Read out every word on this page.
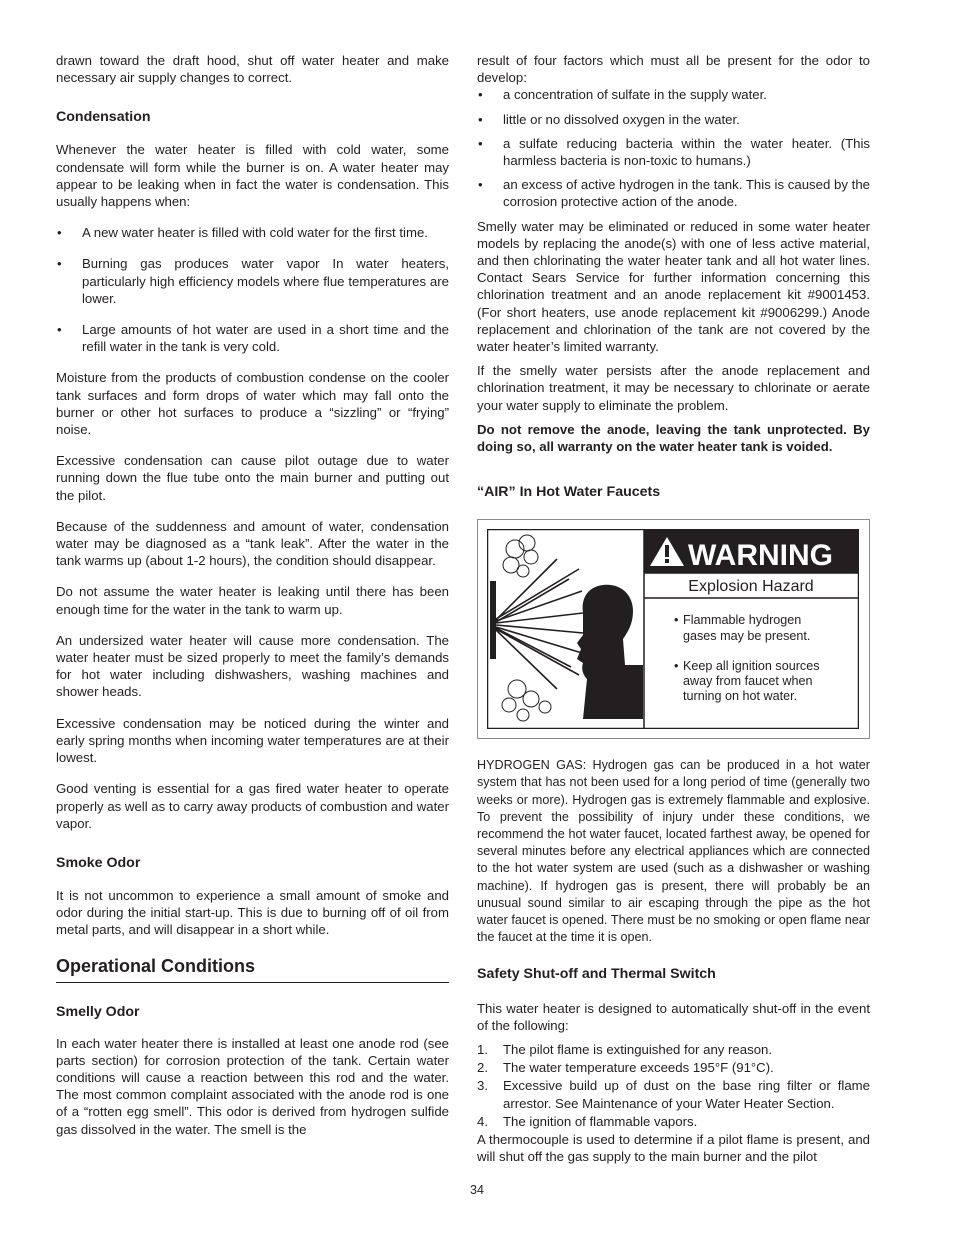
drawn toward the draft hood, shut off water heater and make necessary air supply changes to correct.

Condensation

Whenever the water heater is filled with cold water, some condensate will form while the burner is on. A water heater may appear to be leaking when in fact the water is condensation. This usually happens when:

• A new water heater is filled with cold water for the first time.
• Burning gas produces water vapor In water heaters, particularly high efficiency models where flue temperatures are lower.
• Large amounts of hot water are used in a short time and the refill water in the tank is very cold.

Moisture from the products of combustion condense on the cooler tank surfaces and form drops of water which may fall onto the burner or other hot surfaces to produce a “sizzling” or “frying” noise.

Excessive condensation can cause pilot outage due to water running down the flue tube onto the main burner and putting out the pilot.

Because of the suddenness and amount of water, condensation water may be diagnosed as a “tank leak”. After the water in the tank warms up (about 1-2 hours), the condition should disappear.

Do not assume the water heater is leaking until there has been enough time for the water in the tank to warm up.

An undersized water heater will cause more condensation. The water heater must be sized properly to meet the family’s demands for hot water including dishwashers, washing machines and shower heads.

Excessive condensation may be noticed during the winter and early spring months when incoming water temperatures are at their lowest.

Good venting is essential for a gas fired water heater to operate properly as well as to carry away products of combustion and water vapor.

Smoke Odor

It is not uncommon to experience a small amount of smoke and odor during the initial start-up. This is due to burning off of oil from metal parts, and will disappear in a short while.

Operational Conditions
Smelly Odor

In each water heater there is installed at least one anode rod (see parts section) for corrosion protection of the tank. Certain water conditions will cause a reaction between this rod and the water. The most common complaint associated with the anode rod is one of a “rotten egg smell”. This odor is derived from hydrogen sulfide gas dissolved in the water. The smell is the

result of four factors which must all be present for the odor to develop:

• a concentration of sulfate in the supply water.
• little or no dissolved oxygen in the water.
• a sulfate reducing bacteria within the water heater. (This harmless bacteria is non-toxic to humans.)
• an excess of active hydrogen in the tank. This is caused by the corrosion protective action of the anode.

Smelly water may be eliminated or reduced in some water heater models by replacing the anode(s) with one of less active material, and then chlorinating the water heater tank and all hot water lines. Contact Sears Service for further information concerning this chlorination treatment and an anode replacement kit #9001453. (For short heaters, use anode replacement kit #9006299.) Anode replacement and chlorination of the tank are not covered by the water heater’s limited warranty.

If the smelly water persists after the anode replacement and chlorination treatment, it may be necessary to chlorinate or aerate your water supply to eliminate the problem.

Do not remove the anode, leaving the tank unprotected. By doing so, all warranty on the water heater tank is voided.

“AIR” In Hot Water Faucets
WARNING
Explosion Hazard
• Flammable hydrogen
gases may be present.
• Keep all ignition sources
away from faucet when
turning on hot water.

HYDROGEN GAS: Hydrogen gas can be produced in a hot water system that has not been used for a long period of time (generally two weeks or more). Hydrogen gas is extremely flammable and explosive. To prevent the possibility of injury under these conditions, we recommend the hot water faucet, located farthest away, be opened for several minutes before any electrical appliances which are connected to the hot water system are used (such as a dishwasher or washing machine). If hydrogen gas is present, there will probably be an unusual sound similar to air escaping through the pipe as the hot water faucet is opened. There must be no smoking or open flame near the faucet at the time it is open.

Safety Shut-off and Thermal Switch

This water heater is designed to automatically shut-off in the event of the following:

1. The pilot flame is extinguished for any reason.
2. The water temperature exceeds 195°F (91°C).
3. Excessive build up of dust on the base ring filter or flame arrestor. See Maintenance of your Water Heater Section.
4. The ignition of flammable vapors.

A thermocouple is used to determine if a pilot flame is present, and will shut off the gas supply to the main burner and the pilot

34
